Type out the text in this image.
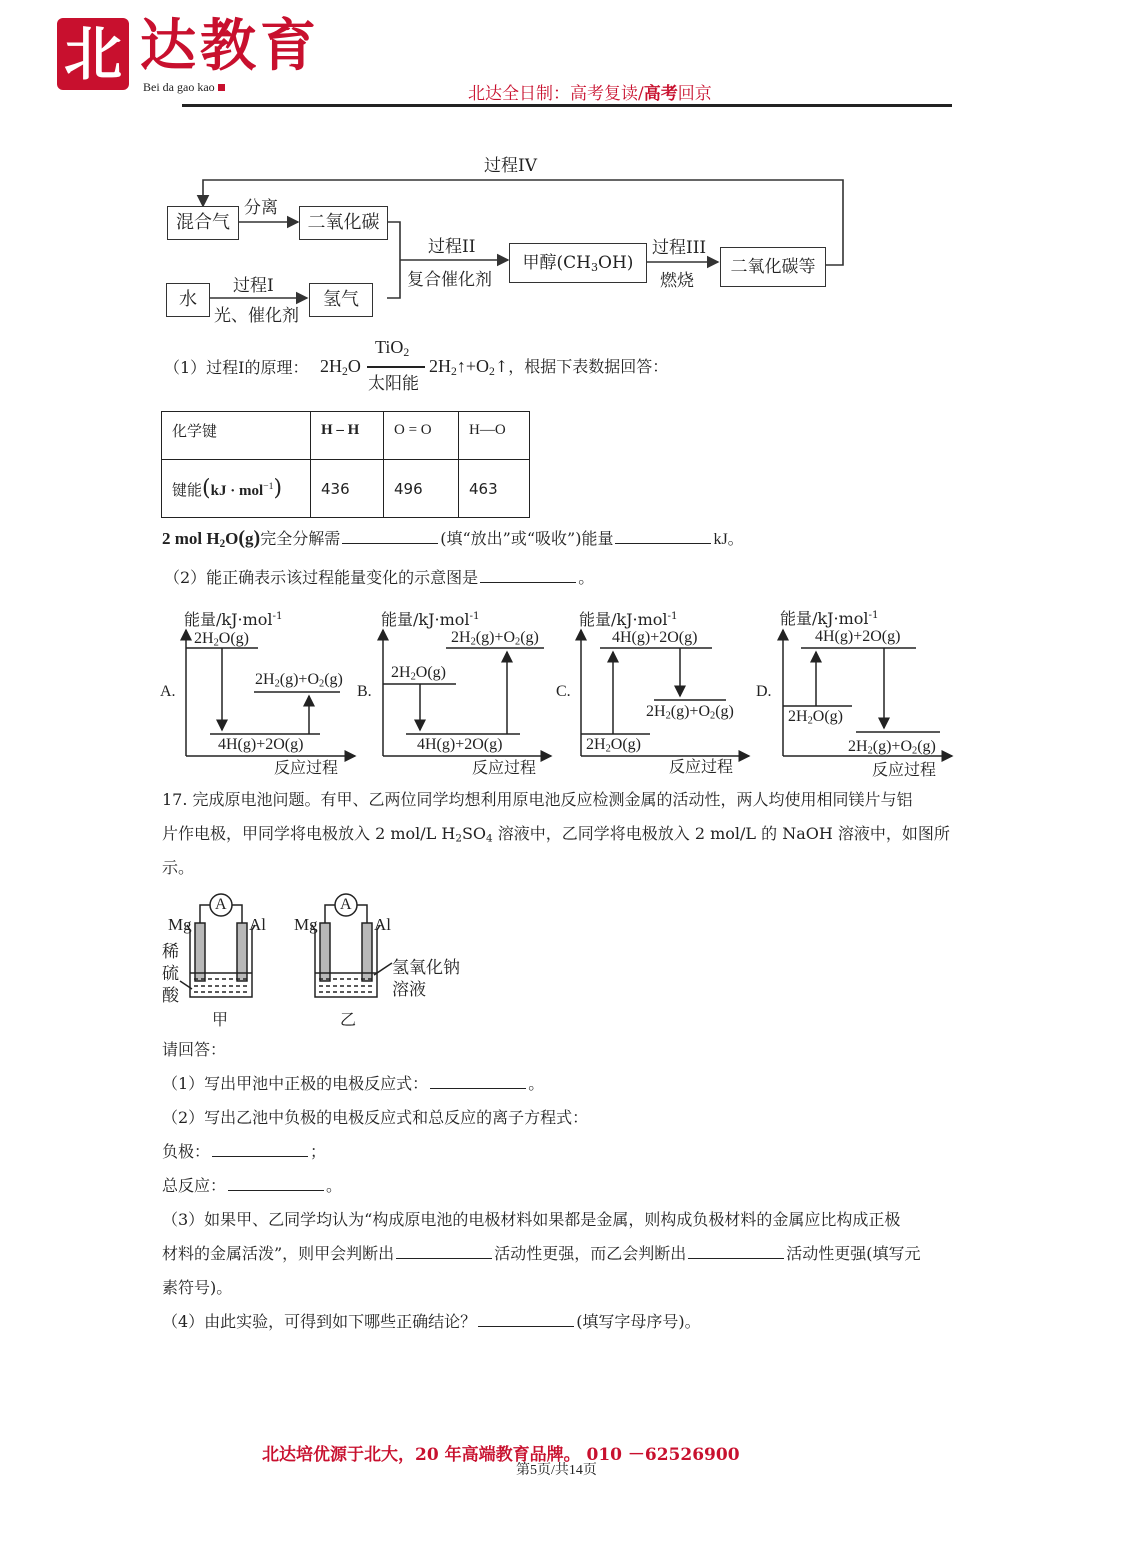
北 达教育
Bei da gao kao	北达全日制：高考复读/高考回京
过程IV
混合气
分离
二氧化碳
水
过程I
光、催化剂
氢气
过程II
复合催化剂
甲醇$(CH_3OH)$
过程III
燃烧
二氧化碳等
（1）过程I的原理： $2H_2O$
TiO$_2$
太阳能
$2H_2↑+O_2↑$，根据下表数据回答：
化学键	H – H	O = O	H—O
键能(kJ · mol$^{-1}$)	436	496	463
2 mol $H_2O(g)$完全分解需	(填“放出”或“吸收”)能量	kJ。
（2）能正确表示该过程能量变化的示意图是	。
A.
能量/kJ·mol$^{-1}$
$2H_2O(g)$
$2H_2(g)+O_2(g)$
4H(g)+2O(g)
反应过程
B.
能量/kJ·mol$^{-1}$
$2H_2(g)+O_2(g)$
$2H_2O(g)$
4H(g)+2O(g)
反应过程
C.
能量/kJ·mol$^{-1}$
4H(g)+2O(g)
$2H_2(g)+O_2(g)$
$2H_2O(g)$
反应过程
D.
能量/kJ·mol$^{-1}$
4H(g)+2O(g)
$2H_2O(g)$
$2H_2(g)+O_2(g)$
反应过程
17. 完成原电池问题。有甲、乙两位同学均想利用原电池反应检测金属的活动性，两人均使用相同镁片与铝
片作电极，甲同学将电极放入 2 mol/L $H_2SO_4$ 溶液中，乙同学将电极放入 2 mol/L 的 NaOH 溶液中，如图所
示。
A	A
Mg	Al Mg	Al
稀
硫
酸
氢氧化钠
溶液
甲	乙
请回答：
（1）写出甲池中正极的电极反应式：	。
（2）写出乙池中负极的电极反应式和总反应的离子方程式：
负极：	；
总反应：	。
（3）如果甲、乙同学均认为“构成原电池的电极材料如果都是金属，则构成负极材料的金属应比构成正极
材料的金属活泼”，则甲会判断出	活动性更强，而乙会判断出	活动性更强(填写元
素符号)。
（4）由此实验，可得到如下哪些正确结论？	(填写字母序号)。
北达培优源于北大，20 年高端教育品牌。 010 －62526900
第5页/共14页
